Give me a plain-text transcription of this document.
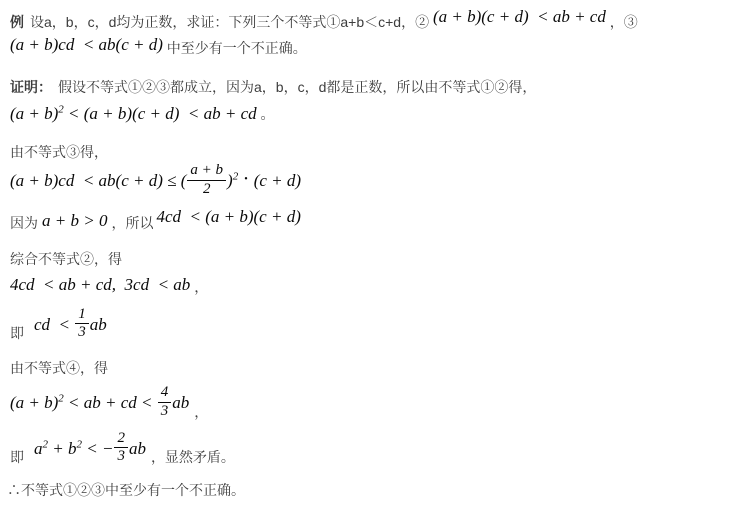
例 设a，b，c，d均为正数，求证：下列三个不等式①a+b＜c+d，② (a + b)(c + d)  < ab + cd ，③
(a + b)cd  < ab(c + d) 中至少有一个不正确。
证明： 假设不等式①②③都成立，因为a，b，c，d都是正数，所以由不等式①②得，
$(a + b)^2 < (a + b)(c + d)$  < ab + cd 。
由不等式③得，
(a + b)cd  < ab(c + d) ≤ ( $\frac{a + b}{2} )^2$ • (c + d)
因为 a + b > 0 ，所以 4cd  < (a + b)(c + d)
综合不等式②，得
4cd  < ab + cd,  3cd  < ab ，
即 cd  < $\frac{1}{3}$ ab
由不等式④，得
$(a + b)^2$ < ab + cd < $\frac{4}{3}$ ab ，
即 $a^2 + b^2$ < − $\frac{2}{3}$ ab ，显然矛盾。
∴不等式①②③中至少有一个不正确。
